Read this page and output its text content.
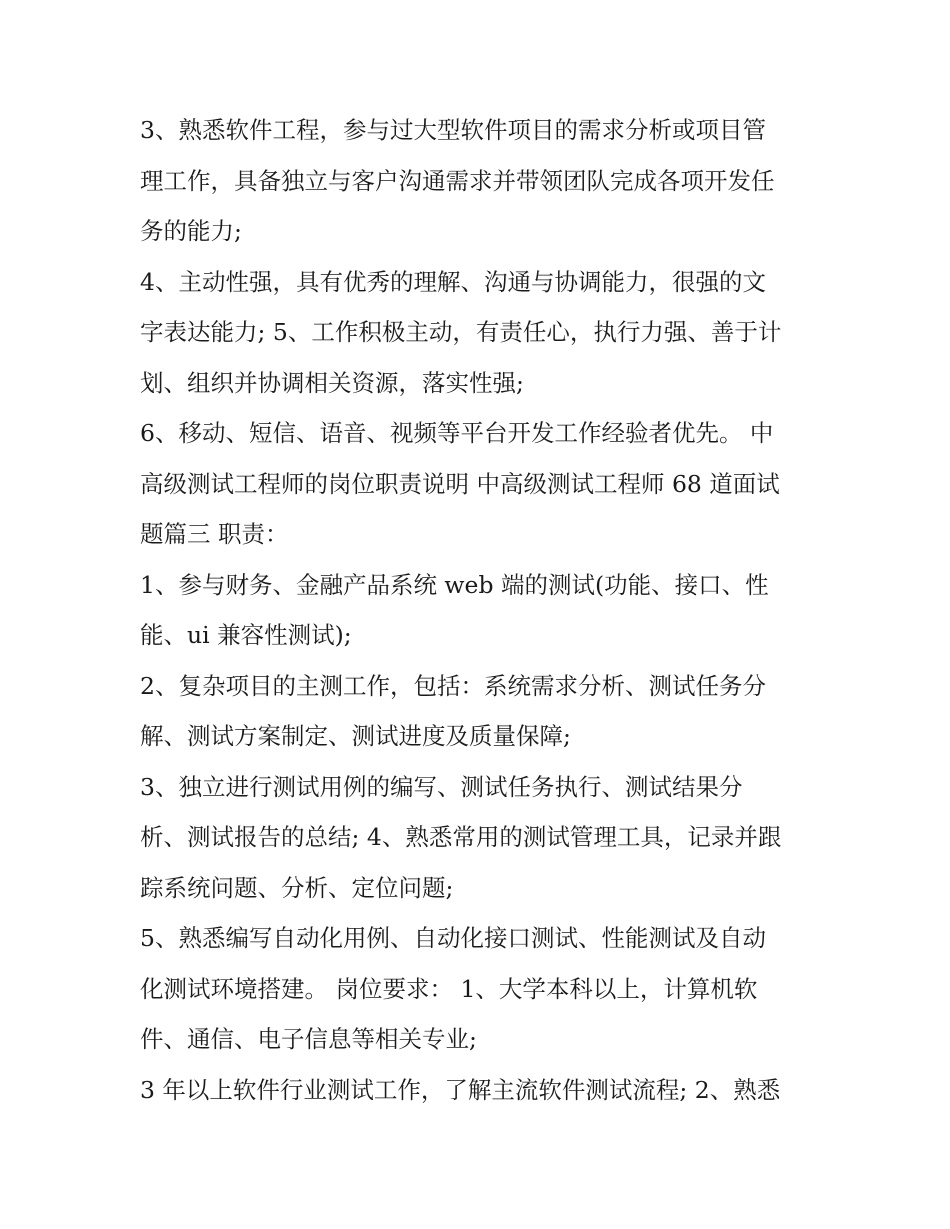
3、熟悉软件工程，参与过大型软件项目的需求分析或项目管
理工作，具备独立与客户沟通需求并带领团队完成各项开发任
务的能力;
4、主动性强，具有优秀的理解、沟通与协调能力，很强的文
字表达能力; 5、工作积极主动，有责任心，执行力强、善于计
划、组织并协调相关资源，落实性强;
6、移动、短信、语音、视频等平台开发工作经验者优先。 中
高级测试工程师的岗位职责说明 中高级测试工程师 68 道面试
题篇三 职责：
1、参与财务、金融产品系统 web 端的测试(功能、接口、性
能、ui 兼容性测试);
2、复杂项目的主测工作，包括：系统需求分析、测试任务分
解、测试方案制定、测试进度及质量保障;
3、独立进行测试用例的编写、测试任务执行、测试结果分
析、测试报告的总结; 4、熟悉常用的测试管理工具，记录并跟
踪系统问题、分析、定位问题;
5、熟悉编写自动化用例、自动化接口测试、性能测试及自动
化测试环境搭建。 岗位要求： 1、大学本科以上，计算机软
件、通信、电子信息等相关专业;
3 年以上软件行业测试工作，了解主流软件测试流程; 2、熟悉
